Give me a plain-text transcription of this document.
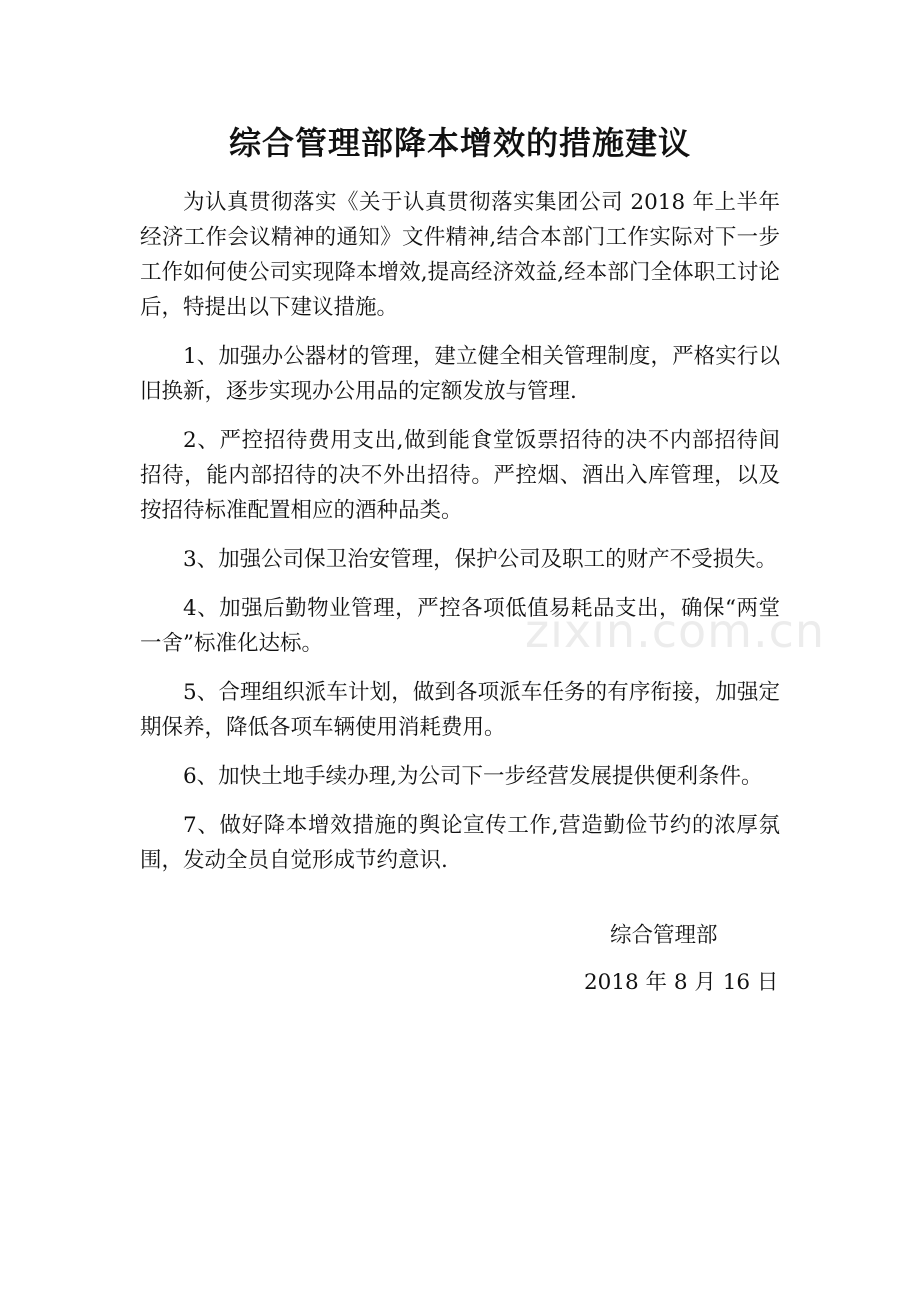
综合管理部降本增效的措施建议

为认真贯彻落实《关于认真贯彻落实集团公司 2018 年上半年经济工作会议精神的通知》文件精神,结合本部门工作实际对下一步工作如何使公司实现降本增效,提高经济效益,经本部门全体职工讨论后，特提出以下建议措施。

1、加强办公器材的管理，建立健全相关管理制度，严格实行以旧换新，逐步实现办公用品的定额发放与管理.

2、严控招待费用支出,做到能食堂饭票招待的决不内部招待间招待，能内部招待的决不外出招待。严控烟、酒出入库管理，以及按招待标准配置相应的酒种品类。

3、加强公司保卫治安管理，保护公司及职工的财产不受损失。

4、加强后勤物业管理，严控各项低值易耗品支出，确保“两堂一舍”标准化达标。

5、合理组织派车计划，做到各项派车任务的有序衔接，加强定期保养，降低各项车辆使用消耗费用。

6、加快土地手续办理,为公司下一步经营发展提供便利条件。

7、做好降本增效措施的舆论宣传工作,营造勤俭节约的浓厚氛围，发动全员自觉形成节约意识.

综合管理部
2018 年 8 月 16 日
zixin.com.cn
